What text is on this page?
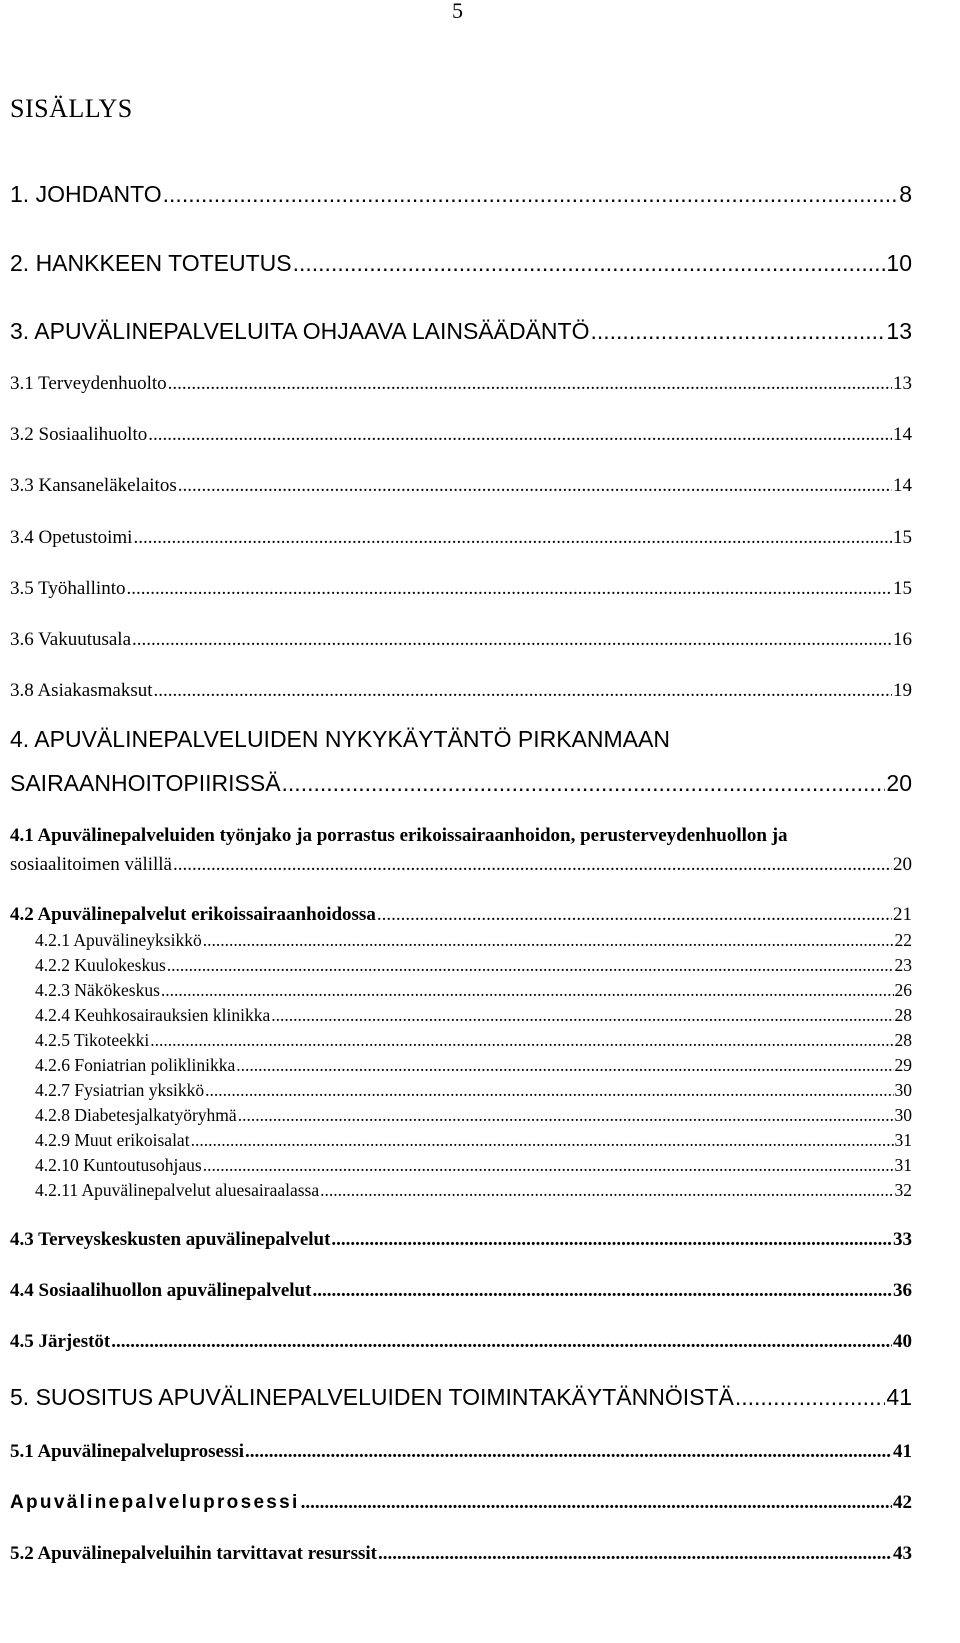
5
SISÄLLYS
1. JOHDANTO .....	8
2. HANKKEEN TOTEUTUS .....	10
3. APUVÄLINEPALVELUITA OHJAAVA LAINSÄÄDÄNTÖ .....	13
3.1 Terveydenhuolto .....	13
3.2 Sosiaalihuolto .....	14
3.3 Kansaneläkelaitos .....	14
3.4 Opetustoimi .....	15
3.5 Työhallinto .....	15
3.6 Vakuutusala .....	16
3.8 Asiakasmaksut .....	19
4. APUVÄLINEPALVELUIDEN NYKYKÄYTÄNTÖ PIRKANMAAN
SAIRAANHOITOPIIRISSÄ .....	20
4.1 Apuvälinepalveluiden työnjako ja porrastus erikoissairaanhoidon, perusterveydenhuollon ja
sosiaalitoimen välillä .....	20
4.2 Apuvälinepalvelut erikoissairaanhoidossa .....	21
4.2.1 Apuvälineyksikkö .....	22
4.2.2 Kuulokeskus .....	23
4.2.3 Näkökeskus .....	26
4.2.4 Keuhkosairauksien klinikka .....	28
4.2.5 Tikoteekki .....	28
4.2.6 Foniatrian poliklinikka .....	29
4.2.7 Fysiatrian yksikkö .....	30
4.2.8 Diabetesjalkatyöryhmä .....	30
4.2.9 Muut erikoisalat .....	31
4.2.10 Kuntoutusohjaus .....	31
4.2.11 Apuvälinepalvelut aluesairaalassa .....	32
4.3 Terveyskeskusten apuvälinepalvelut .....	33
4.4 Sosiaalihuollon apuvälinepalvelut .....	36
4.5 Järjestöt .....	40
5. SUOSITUS APUVÄLINEPALVELUIDEN TOIMINTAKÄYTÄNNÖISTÄ .....	41
5.1 Apuvälinepalveluprosessi .....	41
Apuvälinepalveluprosessi .....	42
5.2 Apuvälinepalveluihin tarvittavat resurssit .....	43
